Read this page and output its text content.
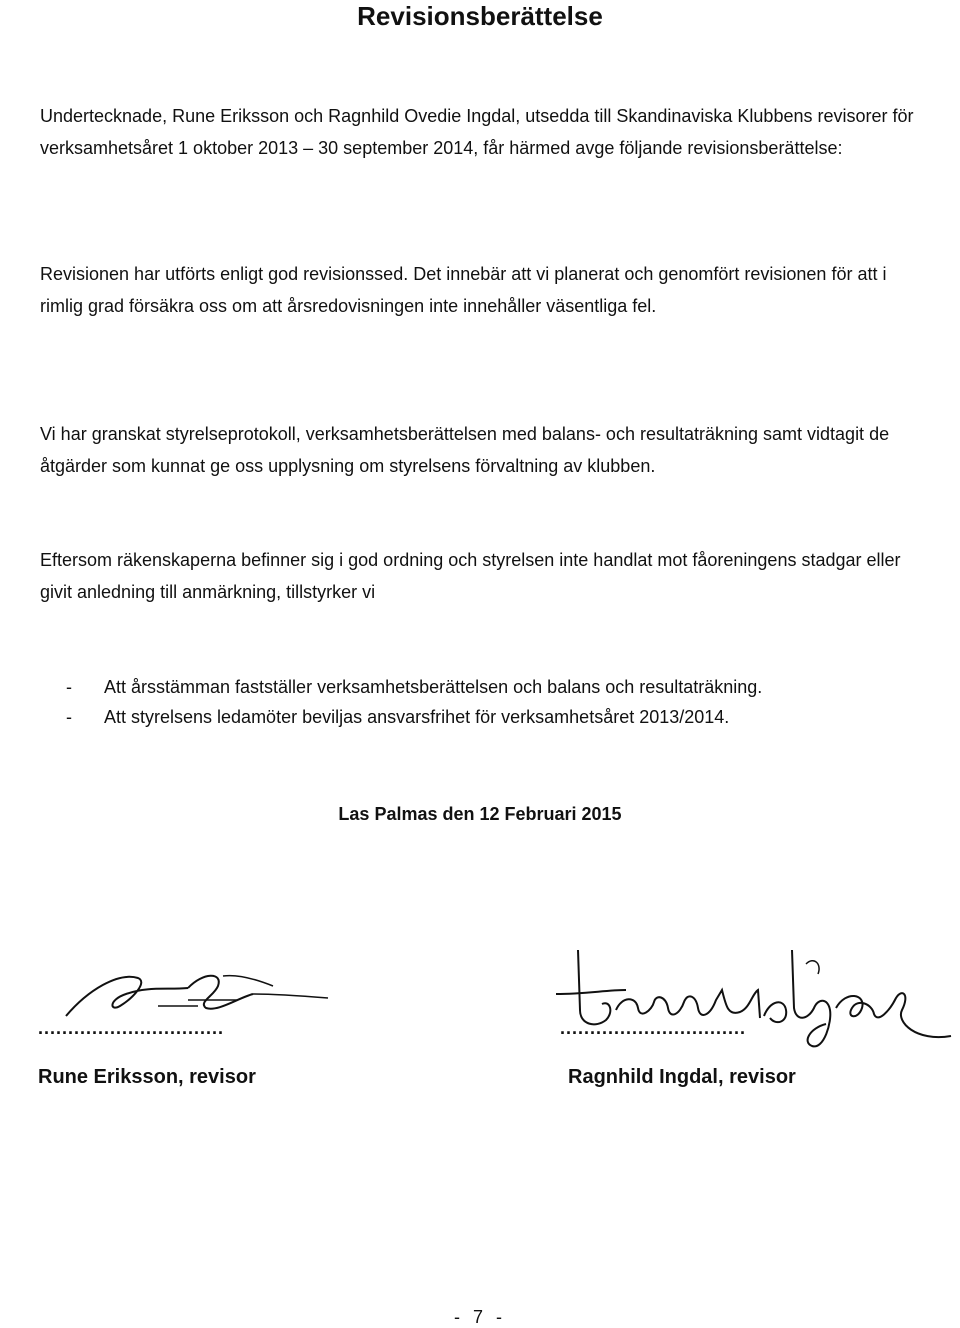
Revisionsberättelse

Undertecknade, Rune Eriksson och Ragnhild Ovedie Ingdal, utsedda till Skandinaviska Klubbens revisorer för verksamhetsåret 1 oktober 2013 – 30 september 2014, får härmed avge följande revisionsberättelse:

Revisionen har utförts enligt god revisionssed. Det innebär att vi planerat och genomfört revisionen för att i rimlig grad försäkra oss om att årsredovisningen inte innehåller väsentliga fel.

Vi har granskat styrelseprotokoll, verksamhetsberättelsen med balans- och resultaträkning samt vidtagit de åtgärder som kunnat ge oss upplysning om styrelsens förvaltning av klubben.

Eftersom räkenskaperna befinner sig i god ordning och styrelsen inte handlat mot fåoreningens stadgar eller givit anledning till anmärkning, tillstyrker vi

- Att årsstämman fastställer verksamhetsberättelsen och balans och resultaträkning.
- Att styrelsens ledamöter beviljas ansvarsfrihet för verksamhetsåret 2013/2014.
Las Palmas den 12 Februari 2015
...............................
Rune Eriksson, revisor
...............................
Ragnhild Ingdal, revisor
- 7 -
